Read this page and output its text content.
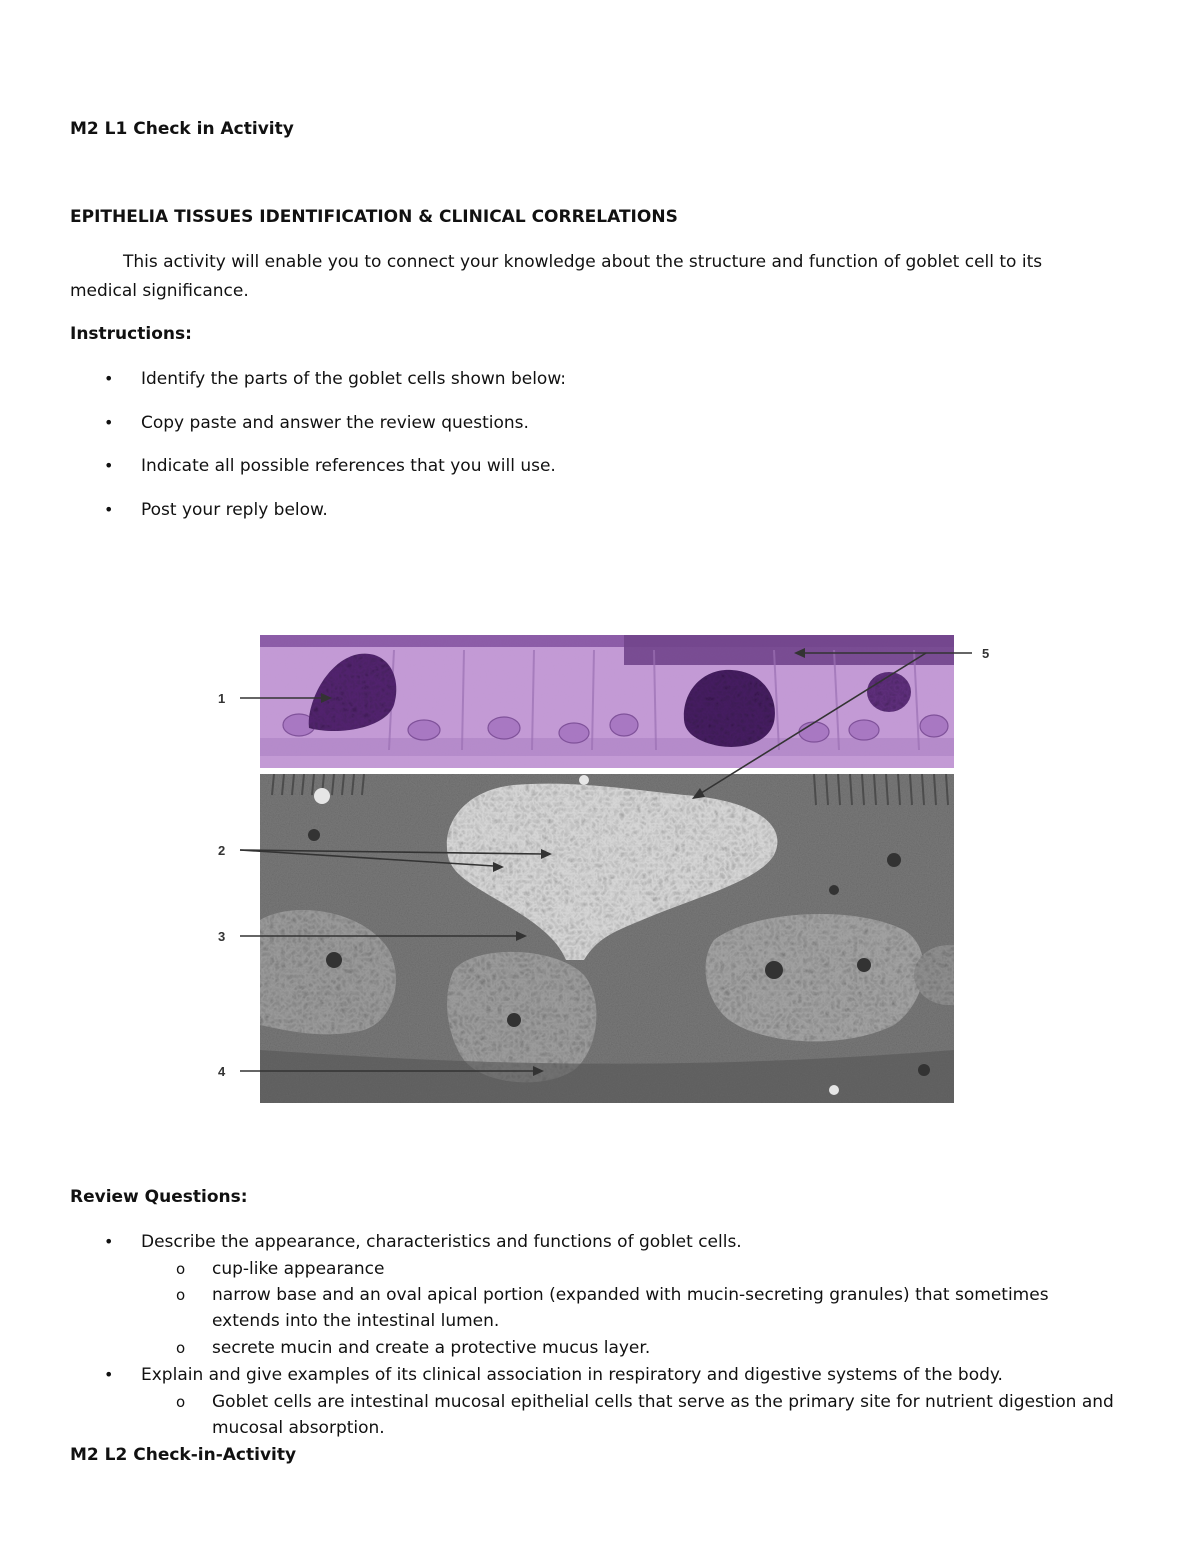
M2 L1 Check in Activity
EPITHELIA TISSUES IDENTIFICATION & CLINICAL CORRELATIONS
This activity will enable you to connect your knowledge about the structure and function of goblet cell to its
medical significance.
Instructions:
• Identify the parts of the goblet cells shown below:
• Copy paste and answer the review questions.
• Indicate all possible references that you will use.
• Post your reply below.
1
2
3
4
5
Review Questions:
• Describe the appearance, characteristics and functions of goblet cells.
o cup-like appearance
o narrow base and an oval apical portion (expanded with mucin-secreting granules) that sometimes
extends into the intestinal lumen.
o secrete mucin and create a protective mucus layer.
• Explain and give examples of its clinical association in respiratory and digestive systems of the body.
o Goblet cells are intestinal mucosal epithelial cells that serve as the primary site for nutrient digestion and
mucosal absorption.
M2 L2 Check-in-Activity
